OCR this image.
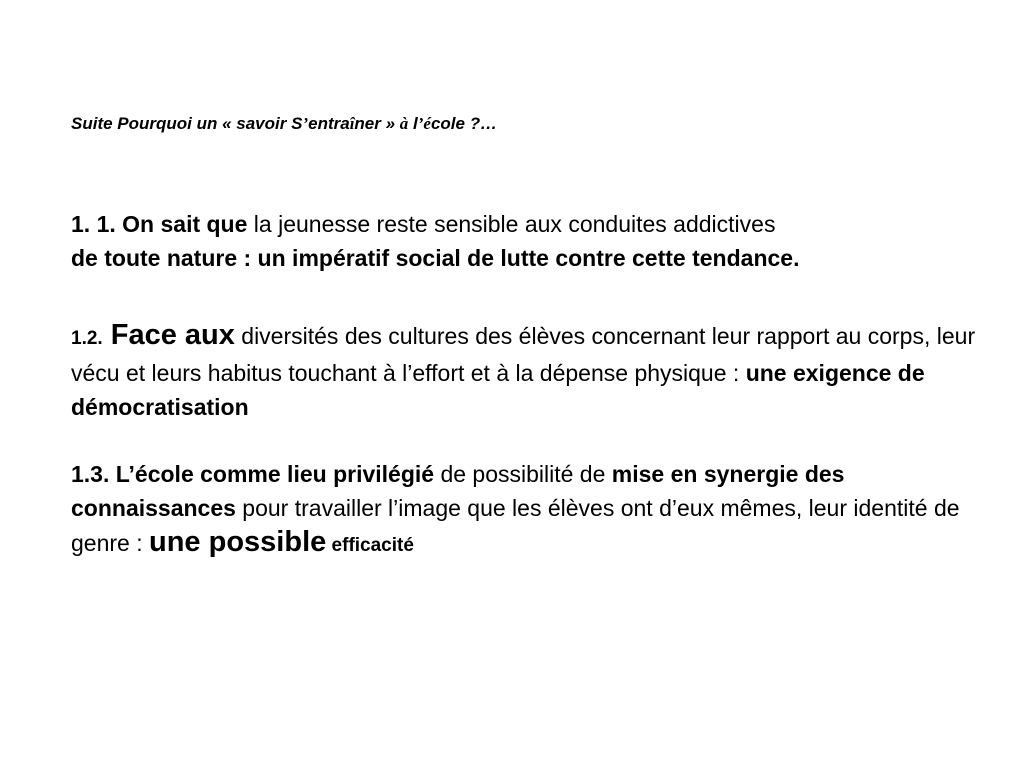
Suite Pourquoi un « savoir S’entraîner » à l’école ?…
1. 1. On sait que la jeunesse reste sensible aux conduites addictives
de toute nature : un impératif social de lutte contre cette tendance.
1.2. Face aux diversités des cultures des élèves concernant leur rapport au corps, leur vécu et leurs habitus touchant à l’effort et à la dépense physique : une exigence de démocratisation
1.3. L’école comme lieu privilégié de possibilité de mise en synergie des connaissances pour travailler l’image que les élèves ont d’eux mêmes, leur identité de genre : une possible efficacité
